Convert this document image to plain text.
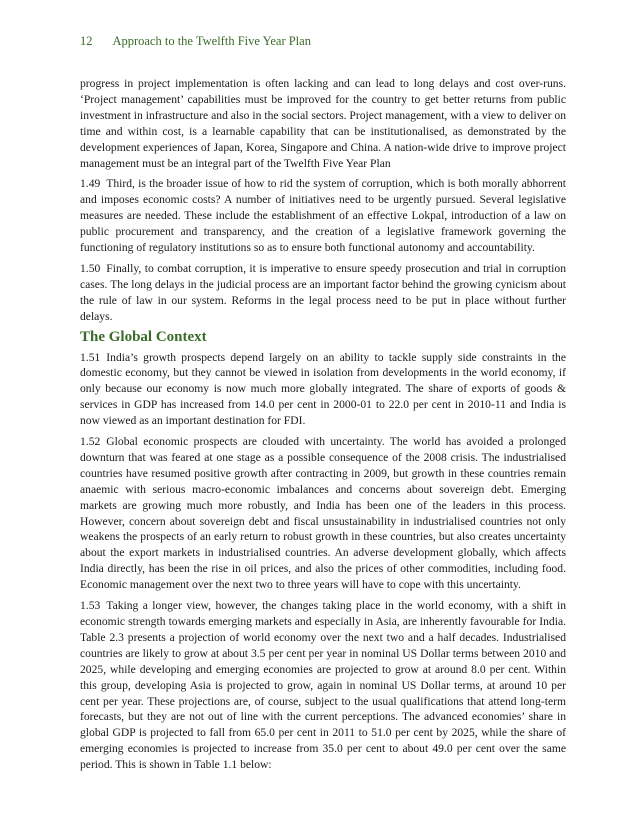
12 Approach to the Twelfth Five Year Plan

progress in project implementation is often lacking and can lead to long delays and cost over-runs. ‘Project management’ capabilities must be improved for the country to get better returns from public investment in infrastructure and also in the social sectors. Project management, with a view to deliver on time and within cost, is a learnable capability that can be institutionalised, as demonstrated by the development experiences of Japan, Korea, Singapore and China. A nation-wide drive to improve project management must be an integral part of the Twelfth Five Year Plan

1.49 Third, is the broader issue of how to rid the system of corruption, which is both morally abhorrent and imposes economic costs? A number of initiatives need to be urgently pursued. Several legislative measures are needed. These include the establishment of an effective Lokpal, introduction of a law on public procurement and transparency, and the creation of a legislative framework governing the functioning of regulatory institutions so as to ensure both functional autonomy and accountability.

1.50 Finally, to combat corruption, it is imperative to ensure speedy prosecution and trial in corruption cases. The long delays in the judicial process are an important factor behind the growing cynicism about the rule of law in our system. Reforms in the legal process need to be put in place without further delays.

The Global Context

1.51 India’s growth prospects depend largely on an ability to tackle supply side constraints in the domestic economy, but they cannot be viewed in isolation from developments in the world economy, if only because our economy is now much more globally integrated. The share of exports of goods & services in GDP has increased from 14.0 per cent in 2000-01 to 22.0 per cent in 2010-11 and India is now viewed as an important destination for FDI.

1.52 Global economic prospects are clouded with uncertainty. The world has avoided a prolonged downturn that was feared at one stage as a possible consequence of the 2008 crisis. The industrialised countries have resumed positive growth after contracting in 2009, but growth in these countries remain anaemic with serious macro-economic imbalances and concerns about sovereign debt. Emerging markets are growing much more robustly, and India has been one of the leaders in this process. However, concern about sovereign debt and fiscal unsustainability in industrialised countries not only weakens the prospects of an early return to robust growth in these countries, but also creates uncertainty about the export markets in industrialised countries. An adverse development globally, which affects India directly, has been the rise in oil prices, and also the prices of other commodities, including food. Economic management over the next two to three years will have to cope with this uncertainty.

1.53 Taking a longer view, however, the changes taking place in the world economy, with a shift in economic strength towards emerging markets and especially in Asia, are inherently favourable for India. Table 2.3 presents a projection of world economy over the next two and a half decades. Industrialised countries are likely to grow at about 3.5 per cent per year in nominal US Dollar terms between 2010 and 2025, while developing and emerging economies are projected to grow at around 8.0 per cent. Within this group, developing Asia is projected to grow, again in nominal US Dollar terms, at around 10 per cent per year. These projections are, of course, subject to the usual qualifications that attend long-term forecasts, but they are not out of line with the current perceptions. The advanced economies’ share in global GDP is projected to fall from 65.0 per cent in 2011 to 51.0 per cent by 2025, while the share of emerging economies is projected to increase from 35.0 per cent to about 49.0 per cent over the same period. This is shown in Table 1.1 below:
